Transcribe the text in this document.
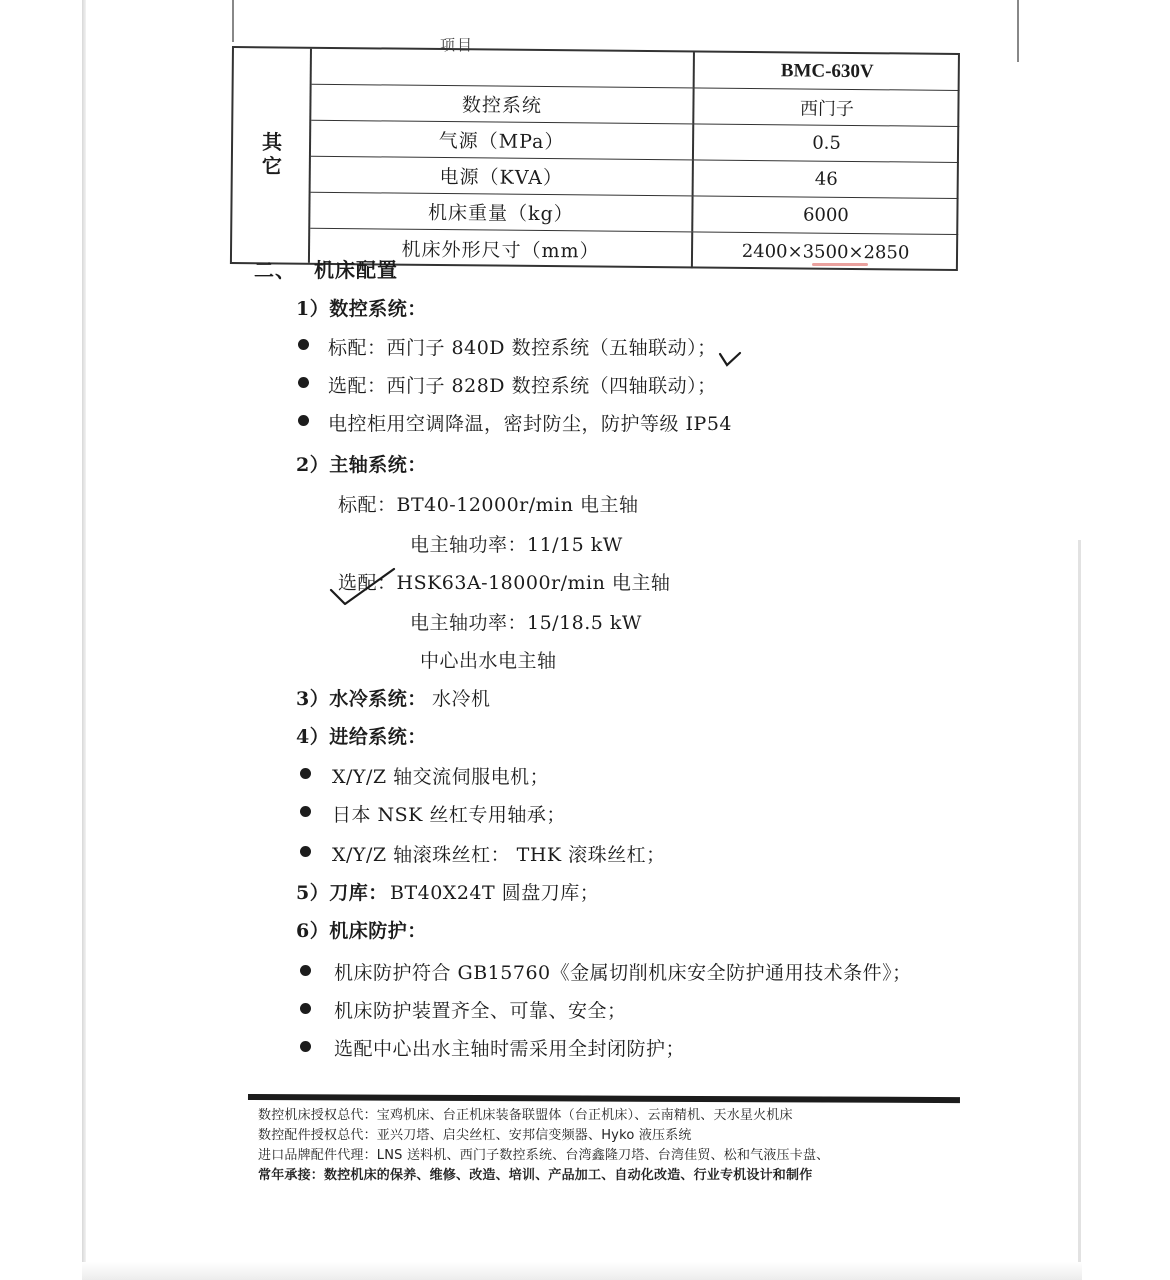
项目
其它
BMC-630V
数控系统	西门子
气源（MPa）	0.5
电源（KVA）	46
机床重量（kg）	6000
机床外形尺寸（mm）	2400×3500×2850
二、 机床配置
1）数控系统：
标配：西门子 840D 数控系统（五轴联动）；
选配：西门子 828D 数控系统（四轴联动）；
电控柜用空调降温，密封防尘，防护等级 IP54
2）主轴系统：
标配：BT40-12000r/min 电主轴
电主轴功率：11/15 kW
选配：HSK63A-18000r/min 电主轴
电主轴功率：15/18.5 kW
中心出水电主轴
3）水冷系统： 水冷机
4）进给系统：
X/Y/Z 轴交流伺服电机；
日本 NSK 丝杠专用轴承；
X/Y/Z 轴滚珠丝杠： THK 滚珠丝杠；
5）刀库： BT40X24T 圆盘刀库；
6）机床防护：
机床防护符合 GB15760《金属切削机床安全防护通用技术条件》；
机床防护装置齐全、可靠、安全；
选配中心出水主轴时需采用全封闭防护；
数控机床授权总代：宝鸡机床、台正机床装备联盟体（台正机床）、云南精机、天水星火机床
数控配件授权总代：亚兴刀塔、启尖丝杠、安邦信变频器、Hyko 液压系统
进口品牌配件代理：LNS 送料机、西门子数控系统、台湾鑫隆刀塔、台湾佳贸、松和气液压卡盘、
常年承接：数控机床的保养、维修、改造、培训、产品加工、自动化改造、行业专机设计和制作
